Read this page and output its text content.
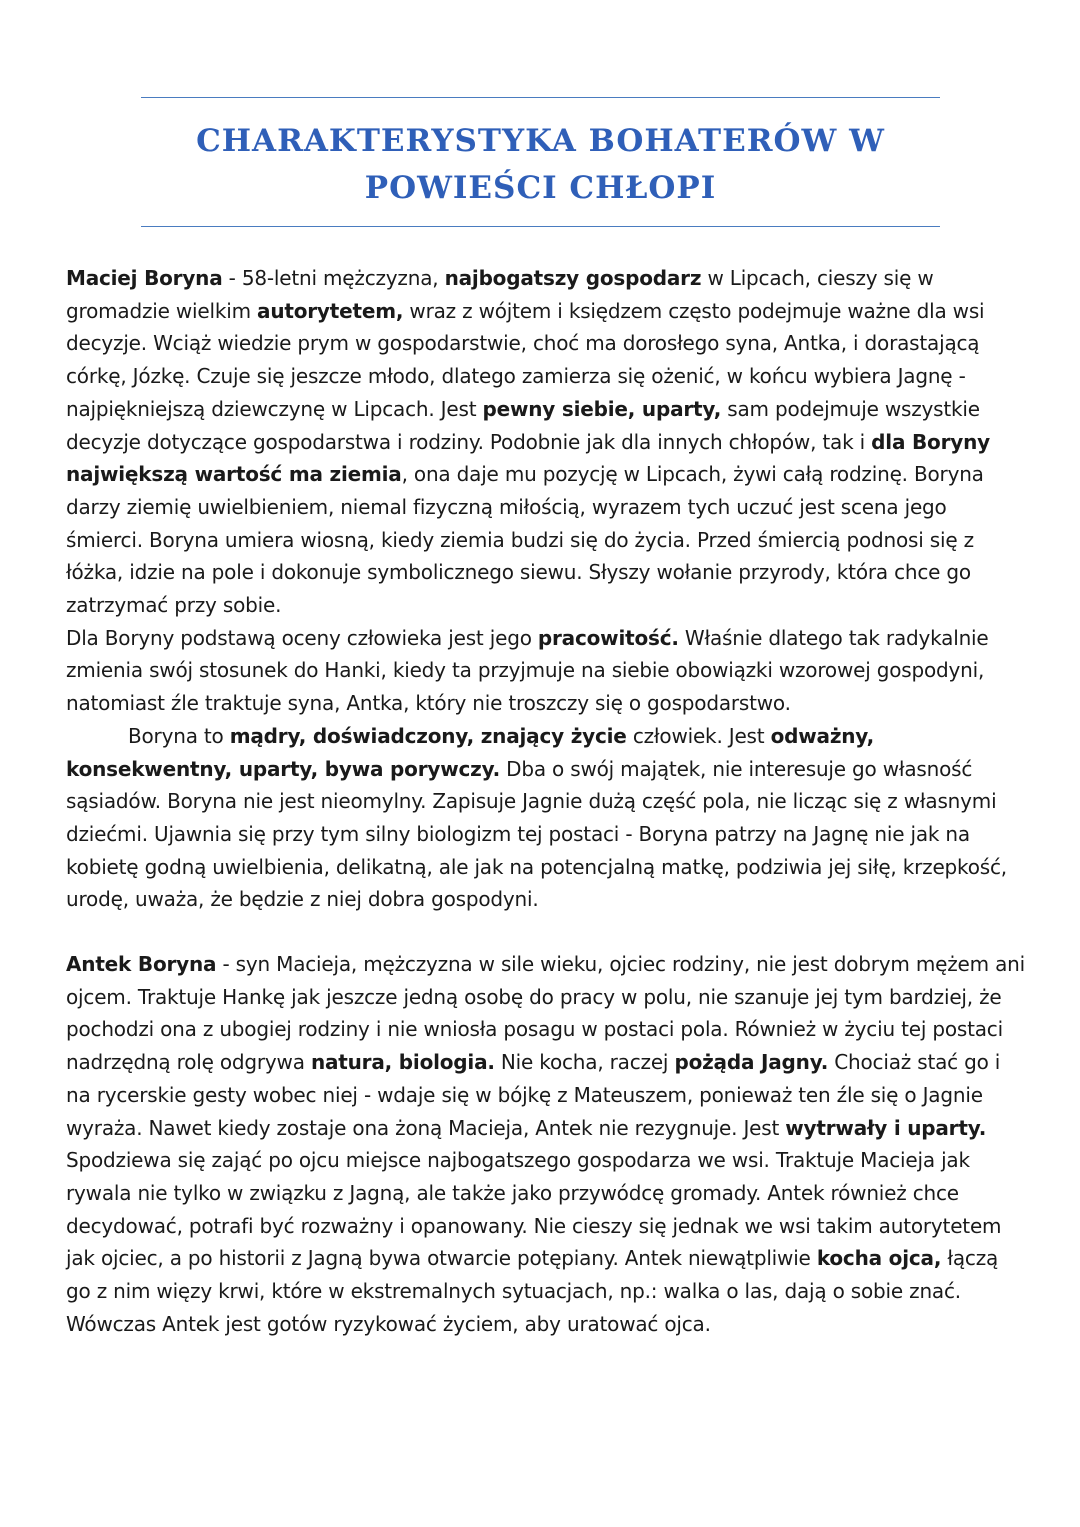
CHARAKTERYSTYKA BOHATERÓW W
POWIEŚCI CHŁOPI

Maciej Boryna - 58-letni mężczyzna, najbogatszy gospodarz w Lipcach, cieszy się w gromadzie wielkim autorytetem, wraz z wójtem i księdzem często podejmuje ważne dla wsi decyzje. Wciąż wiedzie prym w gospodarstwie, choć ma dorosłego syna, Antka, i dorastającą córkę, Józkę. Czuje się jeszcze młodo, dlatego zamierza się ożenić, w końcu wybiera Jagnę - najpiękniejszą dziewczynę w Lipcach. Jest pewny siebie, uparty, sam podejmuje wszystkie decyzje dotyczące gospodarstwa i rodziny. Podobnie jak dla innych chłopów, tak i dla Boryny największą wartość ma ziemia, ona daje mu pozycję w Lipcach, żywi całą rodzinę. Boryna darzy ziemię uwielbieniem, niemal fizyczną miłością, wyrazem tych uczuć jest scena jego śmierci. Boryna umiera wiosną, kiedy ziemia budzi się do życia. Przed śmiercią podnosi się z łóżka, idzie na pole i dokonuje symbolicznego siewu. Słyszy wołanie przyrody, która chce go zatrzymać przy sobie.

Dla Boryny podstawą oceny człowieka jest jego pracowitość. Właśnie dlatego tak radykalnie zmienia swój stosunek do Hanki, kiedy ta przyjmuje na siebie obowiązki wzorowej gospodyni, natomiast źle traktuje syna, Antka, który nie troszczy się o gospodarstwo.

Boryna to mądry, doświadczony, znający życie człowiek. Jest odważny, konsekwentny, uparty, bywa porywczy. Dba o swój majątek, nie interesuje go własność sąsiadów. Boryna nie jest nieomylny. Zapisuje Jagnie dużą część pola, nie licząc się z własnymi dziećmi. Ujawnia się przy tym silny biologizm tej postaci - Boryna patrzy na Jagnę nie jak na kobietę godną uwielbienia, delikatną, ale jak na potencjalną matkę, podziwia jej siłę, krzepkość, urodę, uważa, że będzie z niej dobra gospodyni.

Antek Boryna - syn Macieja, mężczyzna w sile wieku, ojciec rodziny, nie jest dobrym mężem ani ojcem. Traktuje Hankę jak jeszcze jedną osobę do pracy w polu, nie szanuje jej tym bardziej, że pochodzi ona z ubogiej rodziny i nie wniosła posagu w postaci pola. Również w życiu tej postaci nadrzędną rolę odgrywa natura, biologia. Nie kocha, raczej pożąda Jagny. Chociaż stać go i na rycerskie gesty wobec niej - wdaje się w bójkę z Mateuszem, ponieważ ten źle się o Jagnie wyraża. Nawet kiedy zostaje ona żoną Macieja, Antek nie rezygnuje. Jest wytrwały i uparty. Spodziewa się zająć po ojcu miejsce najbogatszego gospodarza we wsi. Traktuje Macieja jak rywala nie tylko w związku z Jagną, ale także jako przywódcę gromady. Antek również chce decydować, potrafi być rozważny i opanowany. Nie cieszy się jednak we wsi takim autorytetem jak ojciec, a po historii z Jagną bywa otwarcie potępiany. Antek niewątpliwie kocha ojca, łączą go z nim więzy krwi, które w ekstremalnych sytuacjach, np.: walka o las, dają o sobie znać. Wówczas Antek jest gotów ryzykować życiem, aby uratować ojca.
